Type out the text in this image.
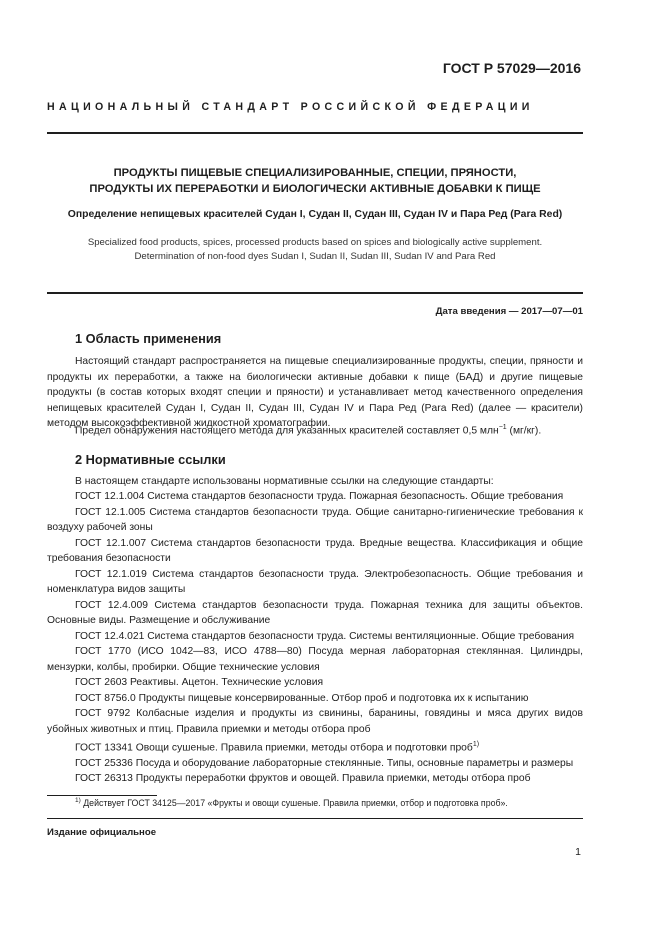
ГОСТ Р 57029—2016
НАЦИОНАЛЬНЫЙ СТАНДАРТ РОССИЙСКОЙ ФЕДЕРАЦИИ
ПРОДУКТЫ ПИЩЕВЫЕ СПЕЦИАЛИЗИРОВАННЫЕ, СПЕЦИИ, ПРЯНОСТИ,
ПРОДУКТЫ ИХ ПЕРЕРАБОТКИ И БИОЛОГИЧЕСКИ АКТИВНЫЕ ДОБАВКИ К ПИЩЕ
Определение непищевых красителей Судан I, Судан II, Судан III, Судан IV и Пара Ред (Para Red)
Specialized food products, spices, processed products based on spices and biologically active supplement.
Determination of non-food dyes Sudan I, Sudan II, Sudan III, Sudan IV and Para Red
Дата введения — 2017—07—01
1 Область применения
Настоящий стандарт распространяется на пищевые специализированные продукты, специи, пряности и продукты их переработки, а также на биологически активные добавки к пище (БАД) и другие пищевые продукты (в состав которых входят специи и пряности) и устанавливает метод качественного определения непищевых красителей Судан I, Судан II, Судан III, Судан IV и Пара Ред (Para Red) (далее — красители) методом высокоэффективной жидкостной хроматографии.
Предел обнаружения настоящего метода для указанных красителей составляет 0,5 млн$^{-1}$ (мг/кг).
2 Нормативные ссылки
В настоящем стандарте использованы нормативные ссылки на следующие стандарты:
ГОСТ 12.1.004 Система стандартов безопасности труда. Пожарная безопасность. Общие требования
ГОСТ 12.1.005 Система стандартов безопасности труда. Общие санитарно-гигиенические требования к воздуху рабочей зоны
ГОСТ 12.1.007 Система стандартов безопасности труда. Вредные вещества. Классификация и общие требования безопасности
ГОСТ 12.1.019 Система стандартов безопасности труда. Электробезопасность. Общие требования и номенклатура видов защиты
ГОСТ 12.4.009 Система стандартов безопасности труда. Пожарная техника для защиты объектов. Основные виды. Размещение и обслуживание
ГОСТ 12.4.021 Система стандартов безопасности труда. Системы вентиляционные. Общие требования
ГОСТ 1770 (ИСО 1042—83, ИСО 4788—80) Посуда мерная лабораторная стеклянная. Цилиндры, мензурки, колбы, пробирки. Общие технические условия
ГОСТ 2603 Реактивы. Ацетон. Технические условия
ГОСТ 8756.0 Продукты пищевые консервированные. Отбор проб и подготовка их к испытанию
ГОСТ 9792 Колбасные изделия и продукты из свинины, баранины, говядины и мяса других видов убойных животных и птиц. Правила приемки и методы отбора проб
ГОСТ 13341 Овощи сушеные. Правила приемки, методы отбора и подготовки проб$^{1)}$
ГОСТ 25336 Посуда и оборудование лабораторные стеклянные. Типы, основные параметры и размеры
ГОСТ 26313 Продукты переработки фруктов и овощей. Правила приемки, методы отбора проб
$^{1)}$ Действует ГОСТ 34125—2017 «Фрукты и овощи сушеные. Правила приемки, отбор и подготовка проб».
Издание официальное
1
